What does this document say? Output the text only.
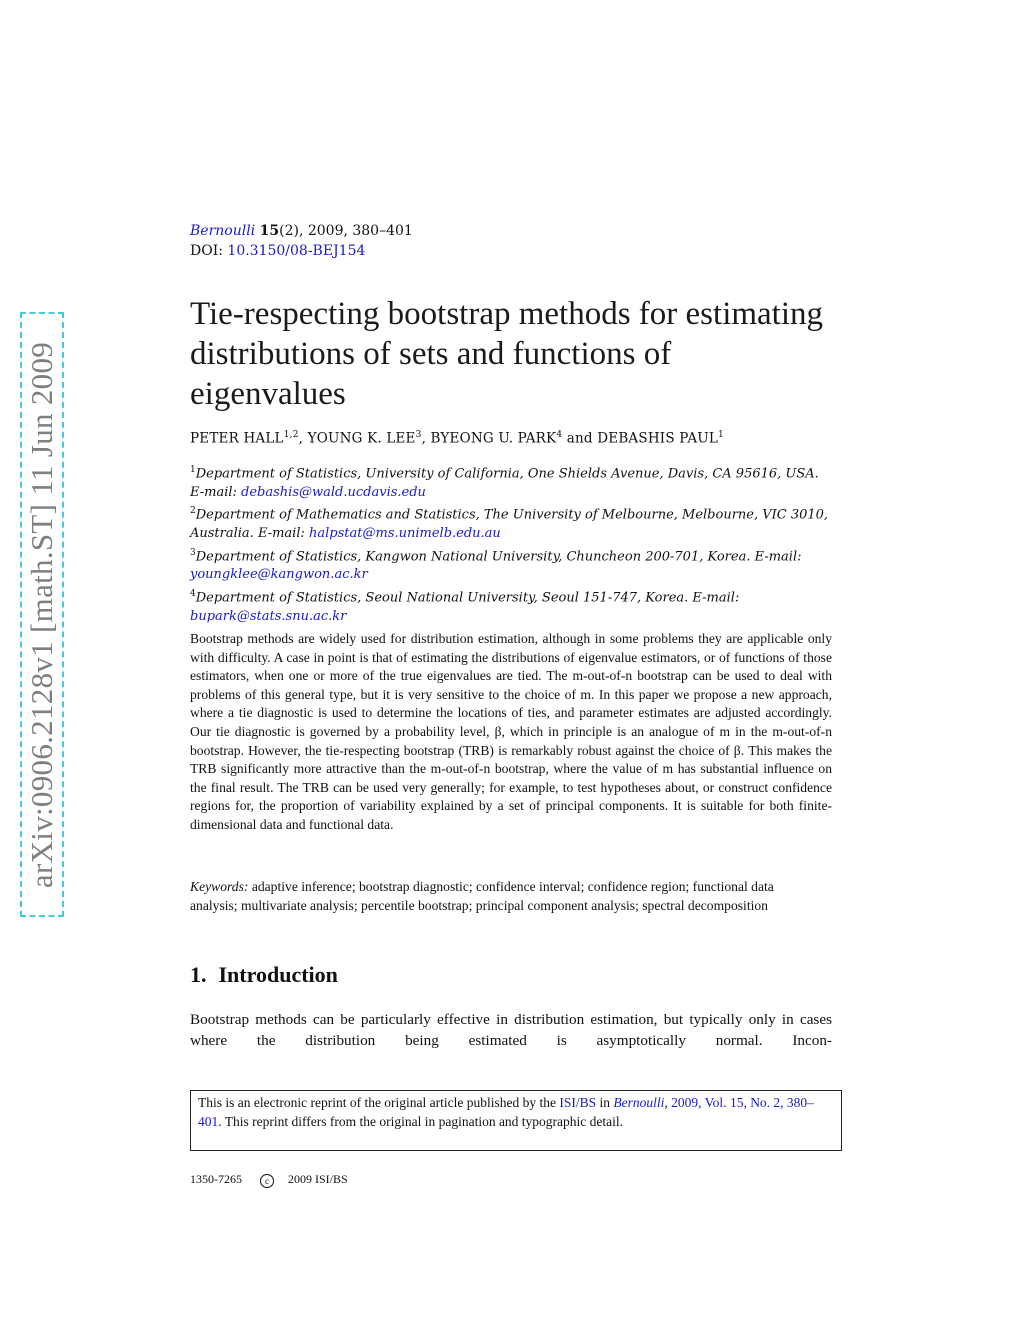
arXiv:0906.2128v1 [math.ST] 11 Jun 2009
Bernoulli 15(2), 2009, 380–401
DOI: 10.3150/08-BEJ154
Tie-respecting bootstrap methods for estimating distributions of sets and functions of eigenvalues
PETER HALL$^{1,2}$, YOUNG K. LEE$^3$, BYEONG U. PARK$^4$ and DEBASHIS PAUL$^1$
$^1$Department of Statistics, University of California, One Shields Avenue, Davis, CA 95616, USA. E-mail: debashis@wald.ucdavis.edu
$^2$Department of Mathematics and Statistics, The University of Melbourne, Melbourne, VIC 3010, Australia. E-mail: halpstat@ms.unimelb.edu.au
$^3$Department of Statistics, Kangwon National University, Chuncheon 200-701, Korea. E-mail: youngklee@kangwon.ac.kr
$^4$Department of Statistics, Seoul National University, Seoul 151-747, Korea. E-mail: bupark@stats.snu.ac.kr

Bootstrap methods are widely used for distribution estimation, although in some problems they are applicable only with difficulty. A case in point is that of estimating the distributions of eigenvalue estimators, or of functions of those estimators, when one or more of the true eigenvalues are tied. The m-out-of-n bootstrap can be used to deal with problems of this general type, but it is very sensitive to the choice of m. In this paper we propose a new approach, where a tie diagnostic is used to determine the locations of ties, and parameter estimates are adjusted accordingly. Our tie diagnostic is governed by a probability level, β, which in principle is an analogue of m in the m-out-of-n bootstrap. However, the tie-respecting bootstrap (TRB) is remarkably robust against the choice of β. This makes the TRB significantly more attractive than the m-out-of-n bootstrap, where the value of m has substantial influence on the final result. The TRB can be used very generally; for example, to test hypotheses about, or construct confidence regions for, the proportion of variability explained by a set of principal components. It is suitable for both finite-dimensional data and functional data.

Keywords: adaptive inference; bootstrap diagnostic; confidence interval; confidence region; functional data analysis; multivariate analysis; percentile bootstrap; principal component analysis; spectral decomposition

1. Introduction

Bootstrap methods can be particularly effective in distribution estimation, but typically only in cases where the distribution being estimated is asymptotically normal. Incon-

This is an electronic reprint of the original article published by the ISI/BS in Bernoulli, 2009, Vol. 15, No. 2, 380–401. This reprint differs from the original in pagination and typographic detail.
1350-7265	c 2009 ISI/BS
